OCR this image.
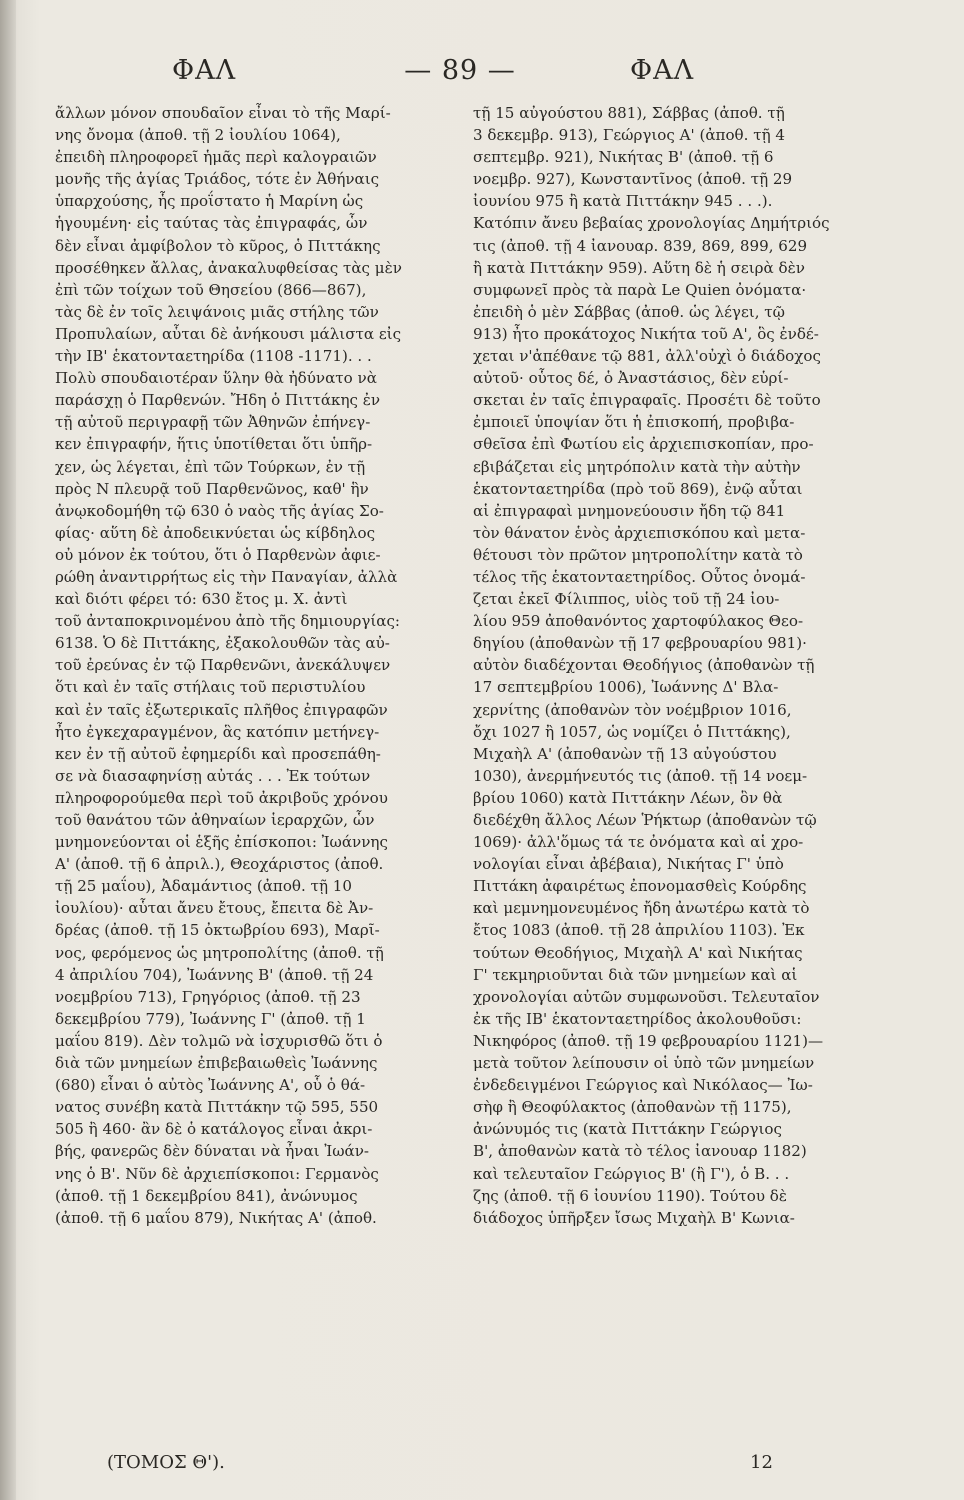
ΦΑΛ	— 89 —	ΦΑΛ
ἄλλων μόνον σπουδαῖον εἶναι τὸ τῆς Μαρί-
νης ὄνομα (ἀποθ. τῇ 2 ἰουλίου 1064),
ἐπειδὴ πληροφορεῖ ἡμᾶς περὶ καλογραιῶν
μονῆς τῆς ἁγίας Τριάδος, τότε ἐν Ἀθήναις
ὑπαρχούσης, ἧς προΐστατο ἡ Μαρίνη ὡς
ἡγουμένη· εἰς ταύτας τὰς ἐπιγραφάς, ὧν
δὲν εἶναι ἀμφίβολον τὸ κῦρος, ὁ Πιττάκης
προσέθηκεν ἄλλας, ἀνακαλυφθείσας τὰς μὲν
ἐπὶ τῶν τοίχων τοῦ Θησείου (866—867),
τὰς δὲ ἐν τοῖς λειψάνοις μιᾶς στήλης τῶν
Προπυλαίων, αὗται δὲ ἀνήκουσι μάλιστα εἰς
τὴν ΙΒ' ἑκατονταετηρίδα (1108 -1171). . .
Πολὺ σπουδαιοτέραν ὕλην θὰ ἠδύνατο νὰ
παράσχῃ ὁ Παρθενών. Ἤδη ὁ Πιττάκης ἐν
τῇ αὐτοῦ περιγραφῇ τῶν Ἀθηνῶν ἐπήνεγ-
κεν ἐπιγραφήν, ἥτις ὑποτίθεται ὅτι ὑπῆρ-
χεν, ὡς λέγεται, ἐπὶ τῶν Τούρκων, ἐν τῇ
πρὸς Ν πλευρᾷ τοῦ Παρθενῶνος, καθ' ἣν
ἀνῳκοδομήθη τῷ 630 ὁ ναὸς τῆς ἁγίας Σο-
φίας· αὕτη δὲ ἀποδεικνύεται ὡς κίβδηλος
οὐ μόνον ἐκ τούτου, ὅτι ὁ Παρθενὼν ἀφιε-
ρώθη ἀναντιρρήτως εἰς τὴν Παναγίαν, ἀλλὰ
καὶ διότι φέρει τό: 630 ἔτος μ. Χ. ἀντὶ
τοῦ ἀνταποκρινομένου ἀπὸ τῆς δημιουργίας:
6138. Ὁ δὲ Πιττάκης, ἐξακολουθῶν τὰς αὐ-
τοῦ ἐρεύνας ἐν τῷ Παρθενῶνι, ἀνεκάλυψεν
ὅτι καὶ ἐν ταῖς στήλαις τοῦ περιστυλίου
καὶ ἐν ταῖς ἐξωτερικαῖς πλῆθος ἐπιγραφῶν
ἦτο ἐγκεχαραγμένον, ἃς κατόπιν μετήνεγ-
κεν ἐν τῇ αὐτοῦ ἐφημερίδι καὶ προσεπάθη-
σε νὰ διασαφηνίσῃ αὐτάς . . . Ἐκ τούτων
πληροφορούμεθα περὶ τοῦ ἀκριβοῦς χρόνου
τοῦ θανάτου τῶν ἀθηναίων ἱεραρχῶν, ὧν
μνημονεύονται οἱ ἑξῆς ἐπίσκοποι: Ἰωάννης
Α' (ἀποθ. τῇ 6 ἀπριλ.), Θεοχάριστος (ἀποθ.
τῇ 25 μαΐου), Ἀδαμάντιος (ἀποθ. τῇ 10
ἰουλίου)· αὗται ἄνευ ἔτους, ἔπειτα δὲ Ἀν-
δρέας (ἀποθ. τῇ 15 ὀκτωβρίου 693), Μαρῖ-
νος, φερόμενος ὡς μητροπολίτης (ἀποθ. τῇ
4 ἀπριλίου 704), Ἰωάννης Β' (ἀποθ. τῇ 24
νοεμβρίου 713), Γρηγόριος (ἀποθ. τῇ 23
δεκεμβρίου 779), Ἰωάννης Γ' (ἀποθ. τῇ 1
μαΐου 819). Δὲν τολμῶ νὰ ἰσχυρισθῶ ὅτι ὁ
διὰ τῶν μνημείων ἐπιβεβαιωθεὶς Ἰωάννης
(680) εἶναι ὁ αὐτὸς Ἰωάννης Α', οὗ ὁ θά-
νατος συνέβη κατὰ Πιττάκην τῷ 595, 550
505 ἢ 460· ἂν δὲ ὁ κατάλογος εἶναι ἀκρι-
βής, φανερῶς δὲν δύναται νὰ ἦναι Ἰωάν-
νης ὁ Β'. Νῦν δὲ ἀρχιεπίσκοποι: Γερμανὸς
(ἀποθ. τῇ 1 δεκεμβρίου 841), ἀνώνυμος
(ἀποθ. τῇ 6 μαΐου 879), Νικήτας Α' (ἀποθ.
τῇ 15 αὐγούστου 881), Σάββας (ἀποθ. τῇ
3 δεκεμβρ. 913), Γεώργιος Α' (ἀποθ. τῇ 4
σεπτεμβρ. 921), Νικήτας Β' (ἀποθ. τῇ 6
νοεμβρ. 927), Κωνσταντῖνος (ἀποθ. τῇ 29
ἰουνίου 975 ἢ κατὰ Πιττάκην 945 . . .).
Κατόπιν ἄνευ βεβαίας χρονολογίας Δημήτριός
τις (ἀποθ. τῇ 4 ἰανουαρ. 839, 869, 899, 629
ἢ κατὰ Πιττάκην 959). Αὕτη δὲ ἡ σειρὰ δὲν
συμφωνεῖ πρὸς τὰ παρὰ Le Quien ὀνόματα·
ἐπειδὴ ὁ μὲν Σάββας (ἀποθ. ὡς λέγει, τῷ
913) ἦτο προκάτοχος Νικήτα τοῦ Α', ὃς ἐνδέ-
χεται ν'ἀπέθανε τῷ 881, ἀλλ'οὐχὶ ὁ διάδοχος
αὐτοῦ· οὗτος δέ, ὁ Ἀναστάσιος, δὲν εὑρί-
σκεται ἐν ταῖς ἐπιγραφαῖς. Προσέτι δὲ τοῦτο
ἐμποιεῖ ὑποψίαν ὅτι ἡ ἐπισκοπή, προβιβα-
σθεῖσα ἐπὶ Φωτίου εἰς ἀρχιεπισκοπίαν, προ-
εβιβάζεται εἰς μητρόπολιν κατὰ τὴν αὐτὴν
ἑκατονταετηρίδα (πρὸ τοῦ 869), ἐνῷ αὗται
αἱ ἐπιγραφαὶ μνημονεύουσιν ἤδη τῷ 841
τὸν θάνατον ἑνὸς ἀρχιεπισκόπου καὶ μετα-
θέτουσι τὸν πρῶτον μητροπολίτην κατὰ τὸ
τέλος τῆς ἑκατονταετηρίδος. Οὗτος ὀνομά-
ζεται ἐκεῖ Φίλιππος, υἱὸς τοῦ τῇ 24 ἰου-
λίου 959 ἀποθανόντος χαρτοφύλακος Θεο-
δηγίου (ἀποθανὼν τῇ 17 φεβρουαρίου 981)·
αὐτὸν διαδέχονται Θεοδήγιος (ἀποθανὼν τῇ
17 σεπτεμβρίου 1006), Ἰωάννης Δ' Βλα-
χερνίτης (ἀποθανὼν τὸν νοέμβριον 1016,
ὄχι 1027 ἢ 1057, ὡς νομίζει ὁ Πιττάκης),
Μιχαὴλ Α' (ἀποθανὼν τῇ 13 αὐγούστου
1030), ἀνερμήνευτός τις (ἀποθ. τῇ 14 νοεμ-
βρίου 1060) κατὰ Πιττάκην Λέων, ὃν θὰ
διεδέχθη ἄλλος Λέων Ῥήκτωρ (ἀποθανὼν τῷ
1069)· ἀλλ'ὅμως τά τε ὀνόματα καὶ αἱ χρο-
νολογίαι εἶναι ἀβέβαια), Νικήτας Γ' ὑπὸ
Πιττάκη ἀφαιρέτως ἐπονομασθεὶς Κούρδης
καὶ μεμνημονευμένος ἤδη ἀνωτέρω κατὰ τὸ
ἔτος 1083 (ἀποθ. τῇ 28 ἀπριλίου 1103). Ἐκ
τούτων Θεοδήγιος, Μιχαὴλ Α' καὶ Νικήτας
Γ' τεκμηριοῦνται διὰ τῶν μνημείων καὶ αἱ
χρονολογίαι αὐτῶν συμφωνοῦσι. Τελευταῖον
ἐκ τῆς ΙΒ' ἑκατονταετηρίδος ἀκολουθοῦσι:
Νικηφόρος (ἀποθ. τῇ 19 φεβρουαρίου 1121)—
μετὰ τοῦτον λείπουσιν οἱ ὑπὸ τῶν μνημείων
ἐνδεδειγμένοι Γεώργιος καὶ Νικόλαος— Ἰω-
σὴφ ἢ Θεοφύλακτος (ἀποθανὼν τῇ 1175),
ἀνώνυμός τις (κατὰ Πιττάκην Γεώργιος
Β', ἀποθανὼν κατὰ τὸ τέλος ἰανουαρ 1182)
καὶ τελευταῖον Γεώργιος Β' (ἢ Γ'), ὁ Β. . .
ζης (ἀποθ. τῇ 6 ἰουνίου 1190). Τούτου δὲ
διάδοχος ὑπῆρξεν ἴσως Μιχαὴλ Β' Κωνια-
(ΤΟΜΟΣ Θ').	12
